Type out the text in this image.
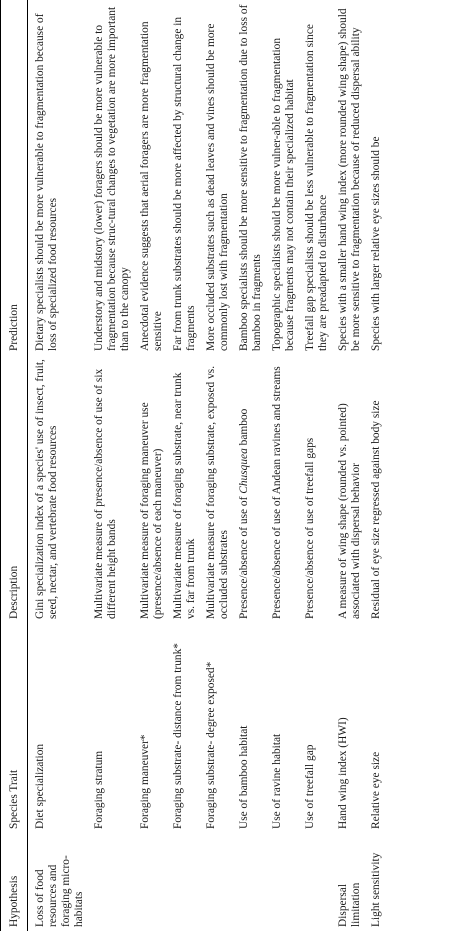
Hypothesis	Species Trait	Description	Prediction
Loss of food resources and foraging micro-habitats	Diet specialization	Gini specialization index of a species' use of insect, fruit, seed, nectar, and vertebrate food resources	Dietary specialists should be more vulnerable to fragmentation because of loss of specialized food resources
	Foraging stratum	Multivariate measure of presence/absence of use of six different height bands	Understory and midstory (lower) foragers should be more vulnerable to fragmentation because struc-tural changes to vegetation are more important than to the canopy
	Foraging maneuver*	Multivariate measure of foraging maneuver use (presence/absence of each maneuver)	Anecdotal evidence suggests that aerial foragers are more fragmentation sensitive
	Foraging substrate- distance from trunk*	Multivariate measure of foraging substrate, near trunk vs. far from trunk	Far from trunk substrates should be more affected by structural change in fragments
	Foraging substrate- degree exposed*	Multivariate measure of foraging substrate, exposed vs. occluded substrates	More occluded substrates such as dead leaves and vines should be more commonly lost with fragmentation
	Use of bamboo habitat	Presence/absence of use of Chusquea bamboo	Bamboo specialists should be more sensitive to fragmentation due to loss of bamboo in fragments
	Use of ravine habitat	Presence/absence of use of Andean ravines and streams	Topographic specialists should be more vulner-able to fragmentation because fragments may not contain their specialized habitat
	Use of treefall gap	Presence/absence of use of treefall gaps	Treefall gap specialists should be less vulnerable to fragmentation since they are preadapted to disturbance
Dispersal limitation	Hand wing index (HWI)	A measure of wing shape (rounded vs. pointed) associated with dispersal behavior	Species with a smaller hand wing index (more rounded wing shape) should be more sensitive to fragmentation because of reduced dispersal ability
Light sensitivity	Relative eye size	Residual of eye size regressed against body size	Species with larger relative eye sizes should be
